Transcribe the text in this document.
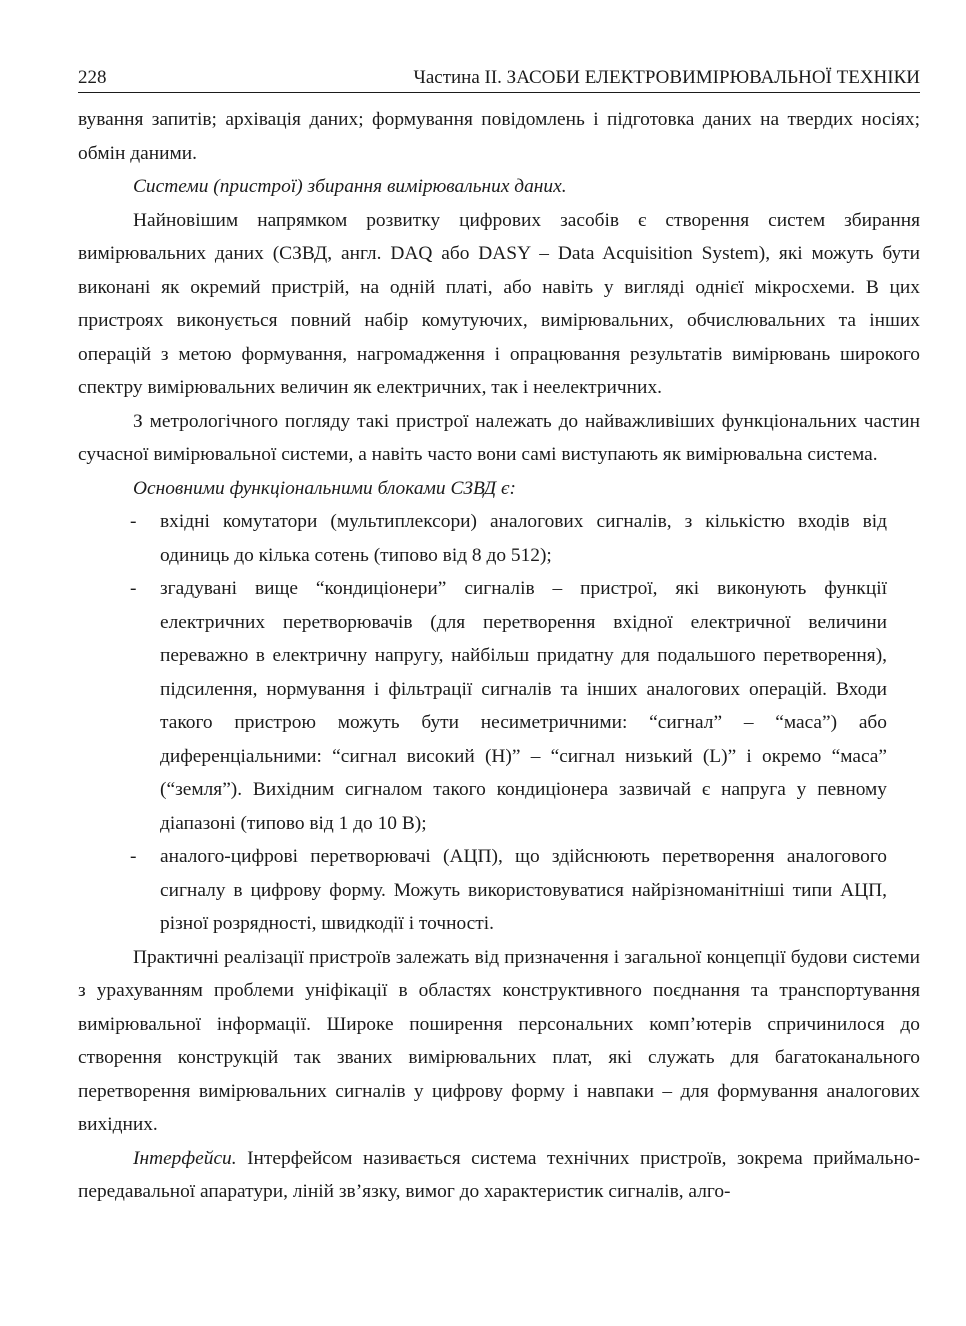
228	Частина II. ЗАСОБИ ЕЛЕКТРОВИМІРЮВАЛЬНОЇ ТЕХНІКИ

вування запитів; архівація даних; формування повідомлень і підготовка даних на твердих носіях; обмін даними.

Системи (пристрої) збирання вимірювальних даних.

Найновішим напрямком розвитку цифрових засобів є створення систем збирання вимірювальних даних (СЗВД, англ. DAQ або DASY – Data Acquisition System), які можуть бути виконані як окремий пристрій, на одній платі, або навіть у вигляді однієї мікросхеми. В цих пристроях виконується повний набір комутуючих, вимірювальних, обчислювальних та інших операцій з метою формування, нагромадження і опрацювання результатів вимірювань широкого спектру вимірювальних величин як електричних, так і неелектричних.

З метрологічного погляду такі пристрої належать до найважливіших функціональних частин сучасної вимірювальної системи, а навіть часто вони самі виступають як вимірювальна система.

Основними функціональними блоками СЗВД є:

- вхідні комутатори (мультиплексори) аналогових сигналів, з кількістю входів від одиниць до кілька сотень (типово від 8 до 512);
- згадувані вище “кондиціонери” сигналів – пристрої, які виконують функції електричних перетворювачів (для перетворення вхідної електричної величини переважно в електричну напругу, найбільш придатну для подальшого перетворення), підсилення, нормування і фільтрації сигналів та інших аналогових операцій. Входи такого пристрою можуть бути несиметричними: “сигнал” – “маса”) або диференціальними: “сигнал високий (H)” – “сигнал низький (L)” і окремо “маса” (“земля”). Вихідним сигналом такого кондиціонера зазвичай є напруга у певному діапазоні (типово від 1 до 10 В);
- аналого-цифрові перетворювачі (АЦП), що здійснюють перетворення аналогового сигналу в цифрову форму. Можуть використовуватися найрізноманітніші типи АЦП, різної розрядності, швидкодії і точності.

Практичні реалізації пристроїв залежать від призначення і загальної концепції будови системи з урахуванням проблеми уніфікації в областях конструктивного поєднання та транспортування вимірювальної інформації. Широке поширення персональних комп’ютерів спричинилося до створення конструкцій так званих вимірювальних плат, які служать для багатоканального перетворення вимірювальних сигналів у цифрову форму і навпаки – для формування аналогових вихідних.

Інтерфейси. Інтерфейсом називається система технічних пристроїв, зокрема приймально-передавальної апаратури, ліній зв’язку, вимог до характеристик сигналів, алго-
